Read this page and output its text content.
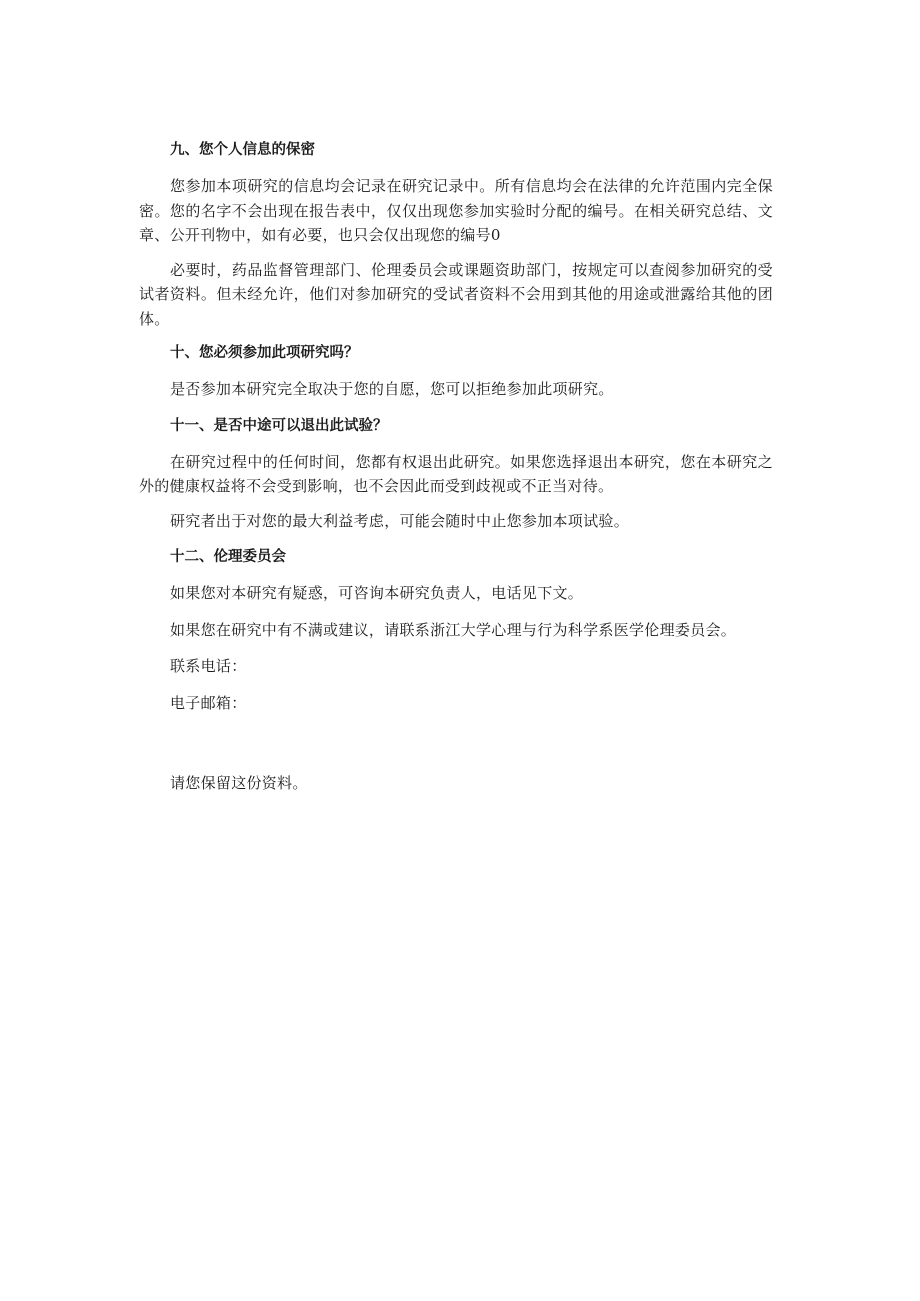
九、您个人信息的保密

您参加本项研究的信息均会记录在研究记录中。所有信息均会在法律的允许范围内完全保密。您的名字不会出现在报告表中，仅仅出现您参加实验时分配的编号。在相关研究总结、文章、公开刊物中，如有必要，也只会仅出现您的编号0

必要时，药品监督管理部门、伦理委员会或课题资助部门，按规定可以查阅参加研究的受试者资料。但未经允许，他们对参加研究的受试者资料不会用到其他的用途或泄露给其他的团体。

十、您必须参加此项研究吗？

是否参加本研究完全取决于您的自愿，您可以拒绝参加此项研究。

十一、是否中途可以退出此试验？

在研究过程中的任何时间，您都有权退出此研究。如果您选择退出本研究，您在本研究之外的健康权益将不会受到影响，也不会因此而受到歧视或不正当对待。

研究者出于对您的最大利益考虑，可能会随时中止您参加本项试验。

十二、伦理委员会

如果您对本研究有疑惑，可咨询本研究负责人，电话见下文。

如果您在研究中有不满或建议，请联系浙江大学心理与行为科学系医学伦理委员会。

联系电话：

电子邮箱：

请您保留这份资料。
